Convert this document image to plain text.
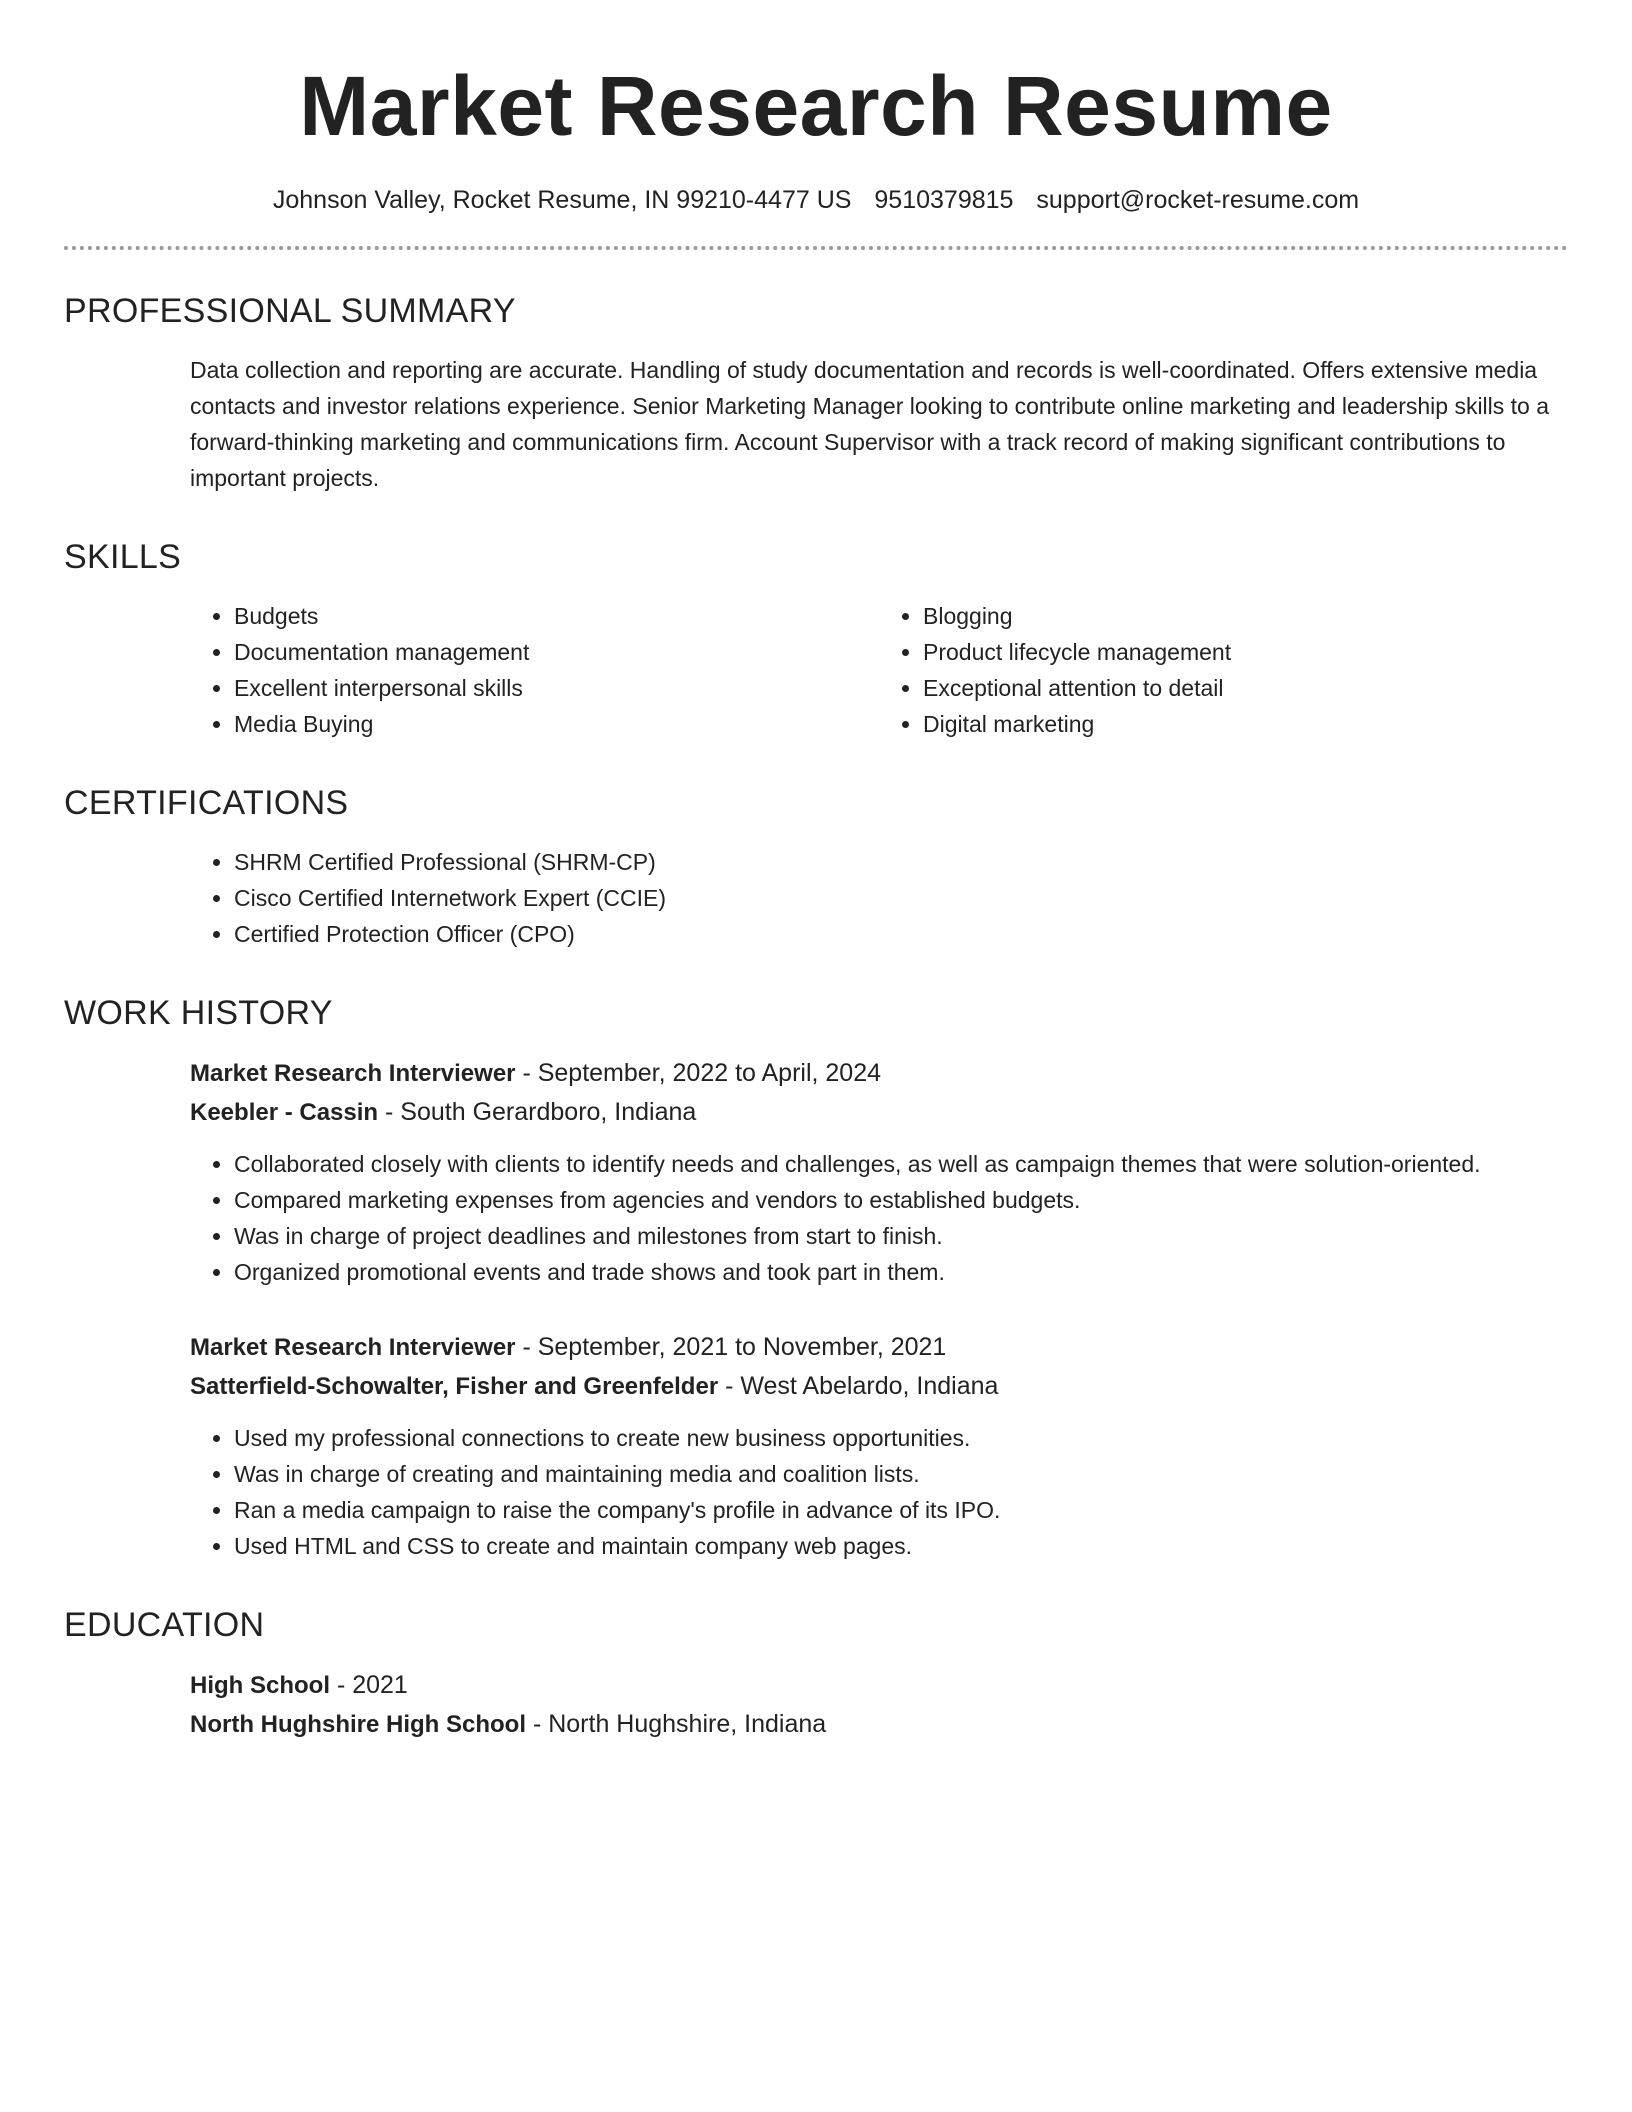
Market Research Resume
Johnson Valley, Rocket Resume, IN 99210-4477 US 9510379815 support@rocket-resume.com
PROFESSIONAL SUMMARY

Data collection and reporting are accurate. Handling of study documentation and records is well-coordinated. Offers extensive media contacts and investor relations experience. Senior Marketing Manager looking to contribute online marketing and leadership skills to a forward-thinking marketing and communications firm. Account Supervisor with a track record of making significant contributions to important projects.

SKILLS
• Budgets
• Documentation management
• Excellent interpersonal skills
• Media Buying
• Blogging
• Product lifecycle management
• Exceptional attention to detail
• Digital marketing
CERTIFICATIONS
• SHRM Certified Professional (SHRM-CP)
• Cisco Certified Internetwork Expert (CCIE)
• Certified Protection Officer (CPO)
WORK HISTORY
Market Research Interviewer - September, 2022 to April, 2024
Keebler - Cassin - South Gerardboro, Indiana
• Collaborated closely with clients to identify needs and challenges, as well as campaign themes that were solution-oriented.
• Compared marketing expenses from agencies and vendors to established budgets.
• Was in charge of project deadlines and milestones from start to finish.
• Organized promotional events and trade shows and took part in them.
Market Research Interviewer - September, 2021 to November, 2021
Satterfield-Schowalter, Fisher and Greenfelder - West Abelardo, Indiana
• Used my professional connections to create new business opportunities.
• Was in charge of creating and maintaining media and coalition lists.
• Ran a media campaign to raise the company's profile in advance of its IPO.
• Used HTML and CSS to create and maintain company web pages.
EDUCATION
High School - 2021
North Hughshire High School - North Hughshire, Indiana
